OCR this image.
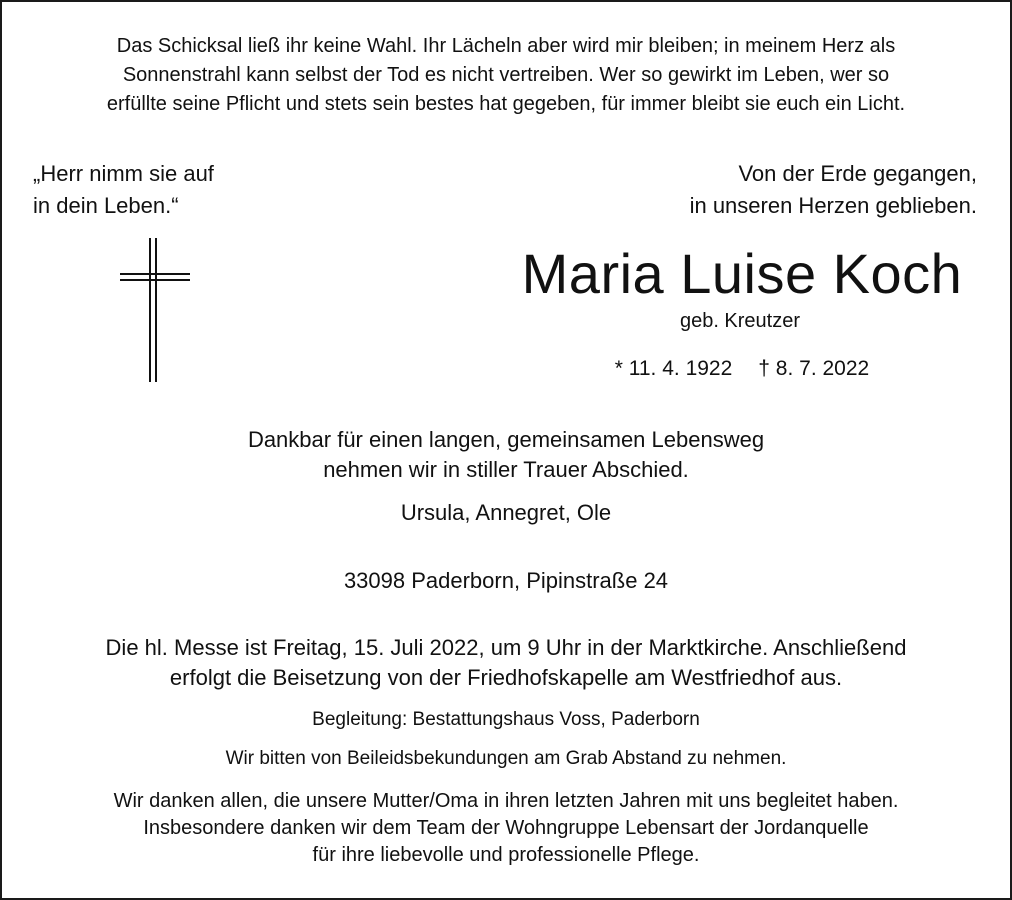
Das Schicksal ließ ihr keine Wahl. Ihr Lächeln aber wird mir bleiben; in meinem Herz als
Sonnenstrahl kann selbst der Tod es nicht vertreiben. Wer so gewirkt im Leben, wer so
erfüllte seine Pflicht und stets sein bestes hat gegeben, für immer bleibt sie euch ein Licht.
„Herr nimm sie auf
in dein Leben.“
Von der Erde gegangen,
in unseren Herzen geblieben.
Maria Luise Koch
geb. Kreutzer
* 11. 4. 1922 † 8. 7. 2022
Dankbar für einen langen, gemeinsamen Lebensweg
nehmen wir in stiller Trauer Abschied.
Ursula, Annegret, Ole
33098 Paderborn, Pipinstraße 24
Die hl. Messe ist Freitag, 15. Juli 2022, um 9 Uhr in der Marktkirche. Anschließend
erfolgt die Beisetzung von der Friedhofskapelle am Westfriedhof aus.
Begleitung: Bestattungshaus Voss, Paderborn
Wir bitten von Beileidsbekundungen am Grab Abstand zu nehmen.
Wir danken allen, die unsere Mutter/Oma in ihren letzten Jahren mit uns begleitet haben.
Insbesondere danken wir dem Team der Wohngruppe Lebensart der Jordanquelle
für ihre liebevolle und professionelle Pflege.
